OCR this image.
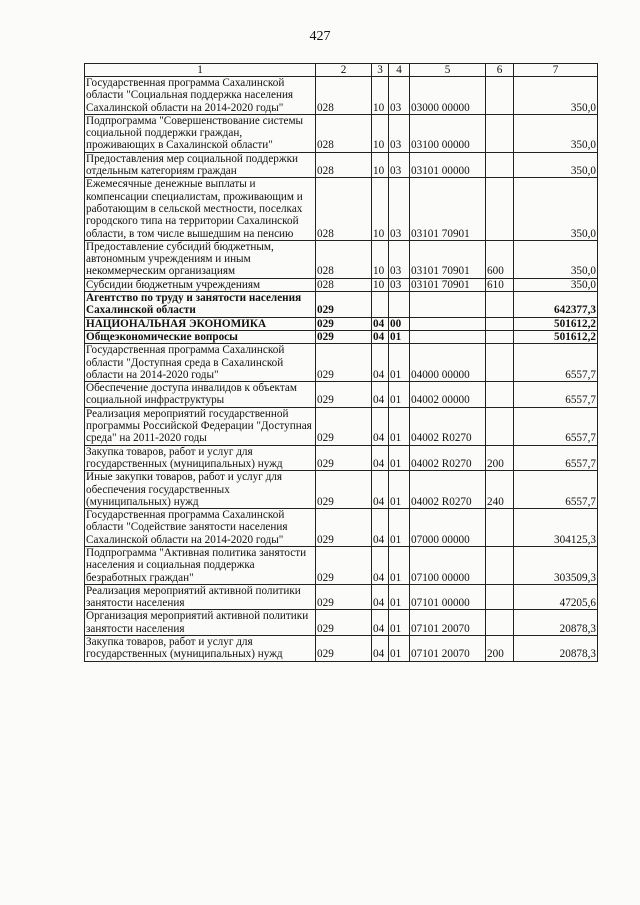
427
1	2	3	4	5	6	7
Государственная программа Сахалинской области "Социальная поддержка населения Сахалинской области на 2014-2020 годы"	028	10	03	03000 00000		350,0
Подпрограмма "Совершенствование системы социальной поддержки граждан, проживающих в Сахалинской области"	028	10	03	03100 00000		350,0
Предоставления мер социальной поддержки отдельным категориям граждан	028	10	03	03101 00000		350,0
Ежемесячные денежные выплаты и компенсации специалистам, проживающим и работающим в сельской местности, поселках городского типа на территории Сахалинской области, в том числе вышедшим на пенсию	028	10	03	03101 70901		350,0
Предоставление субсидий бюджетным, автономным учреждениям и иным некоммерческим организациям	028	10	03	03101 70901	600	350,0
Субсидии бюджетным учреждениям	028	10	03	03101 70901	610	350,0
Агентство по труду и занятости населения Сахалинской области	029					642377,3
НАЦИОНАЛЬНАЯ ЭКОНОМИКА	029	04	00			501612,2
Общеэкономические вопросы	029	04	01			501612,2
Государственная программа Сахалинской области "Доступная среда в Сахалинской области на 2014-2020 годы"	029	04	01	04000 00000		6557,7
Обеспечение доступа инвалидов к объектам социальной инфраструктуры	029	04	01	04002 00000		6557,7
Реализация мероприятий государственной программы Российской Федерации "Доступная среда" на 2011-2020 годы	029	04	01	04002 R0270		6557,7
Закупка товаров, работ и услуг для государственных (муниципальных) нужд	029	04	01	04002 R0270	200	6557,7
Иные закупки товаров, работ и услуг для обеспечения государственных (муниципальных) нужд	029	04	01	04002 R0270	240	6557,7
Государственная программа Сахалинской области "Содействие занятости населения Сахалинской области на 2014-2020 годы"	029	04	01	07000 00000		304125,3
Подпрограмма "Активная политика занятости населения и социальная поддержка безработных граждан"	029	04	01	07100 00000		303509,3
Реализация мероприятий активной политики занятости населения	029	04	01	07101 00000		47205,6
Организация мероприятий активной политики занятости населения	029	04	01	07101 20070		20878,3
Закупка товаров, работ и услуг для государственных (муниципальных) нужд	029	04	01	07101 20070	200	20878,3
